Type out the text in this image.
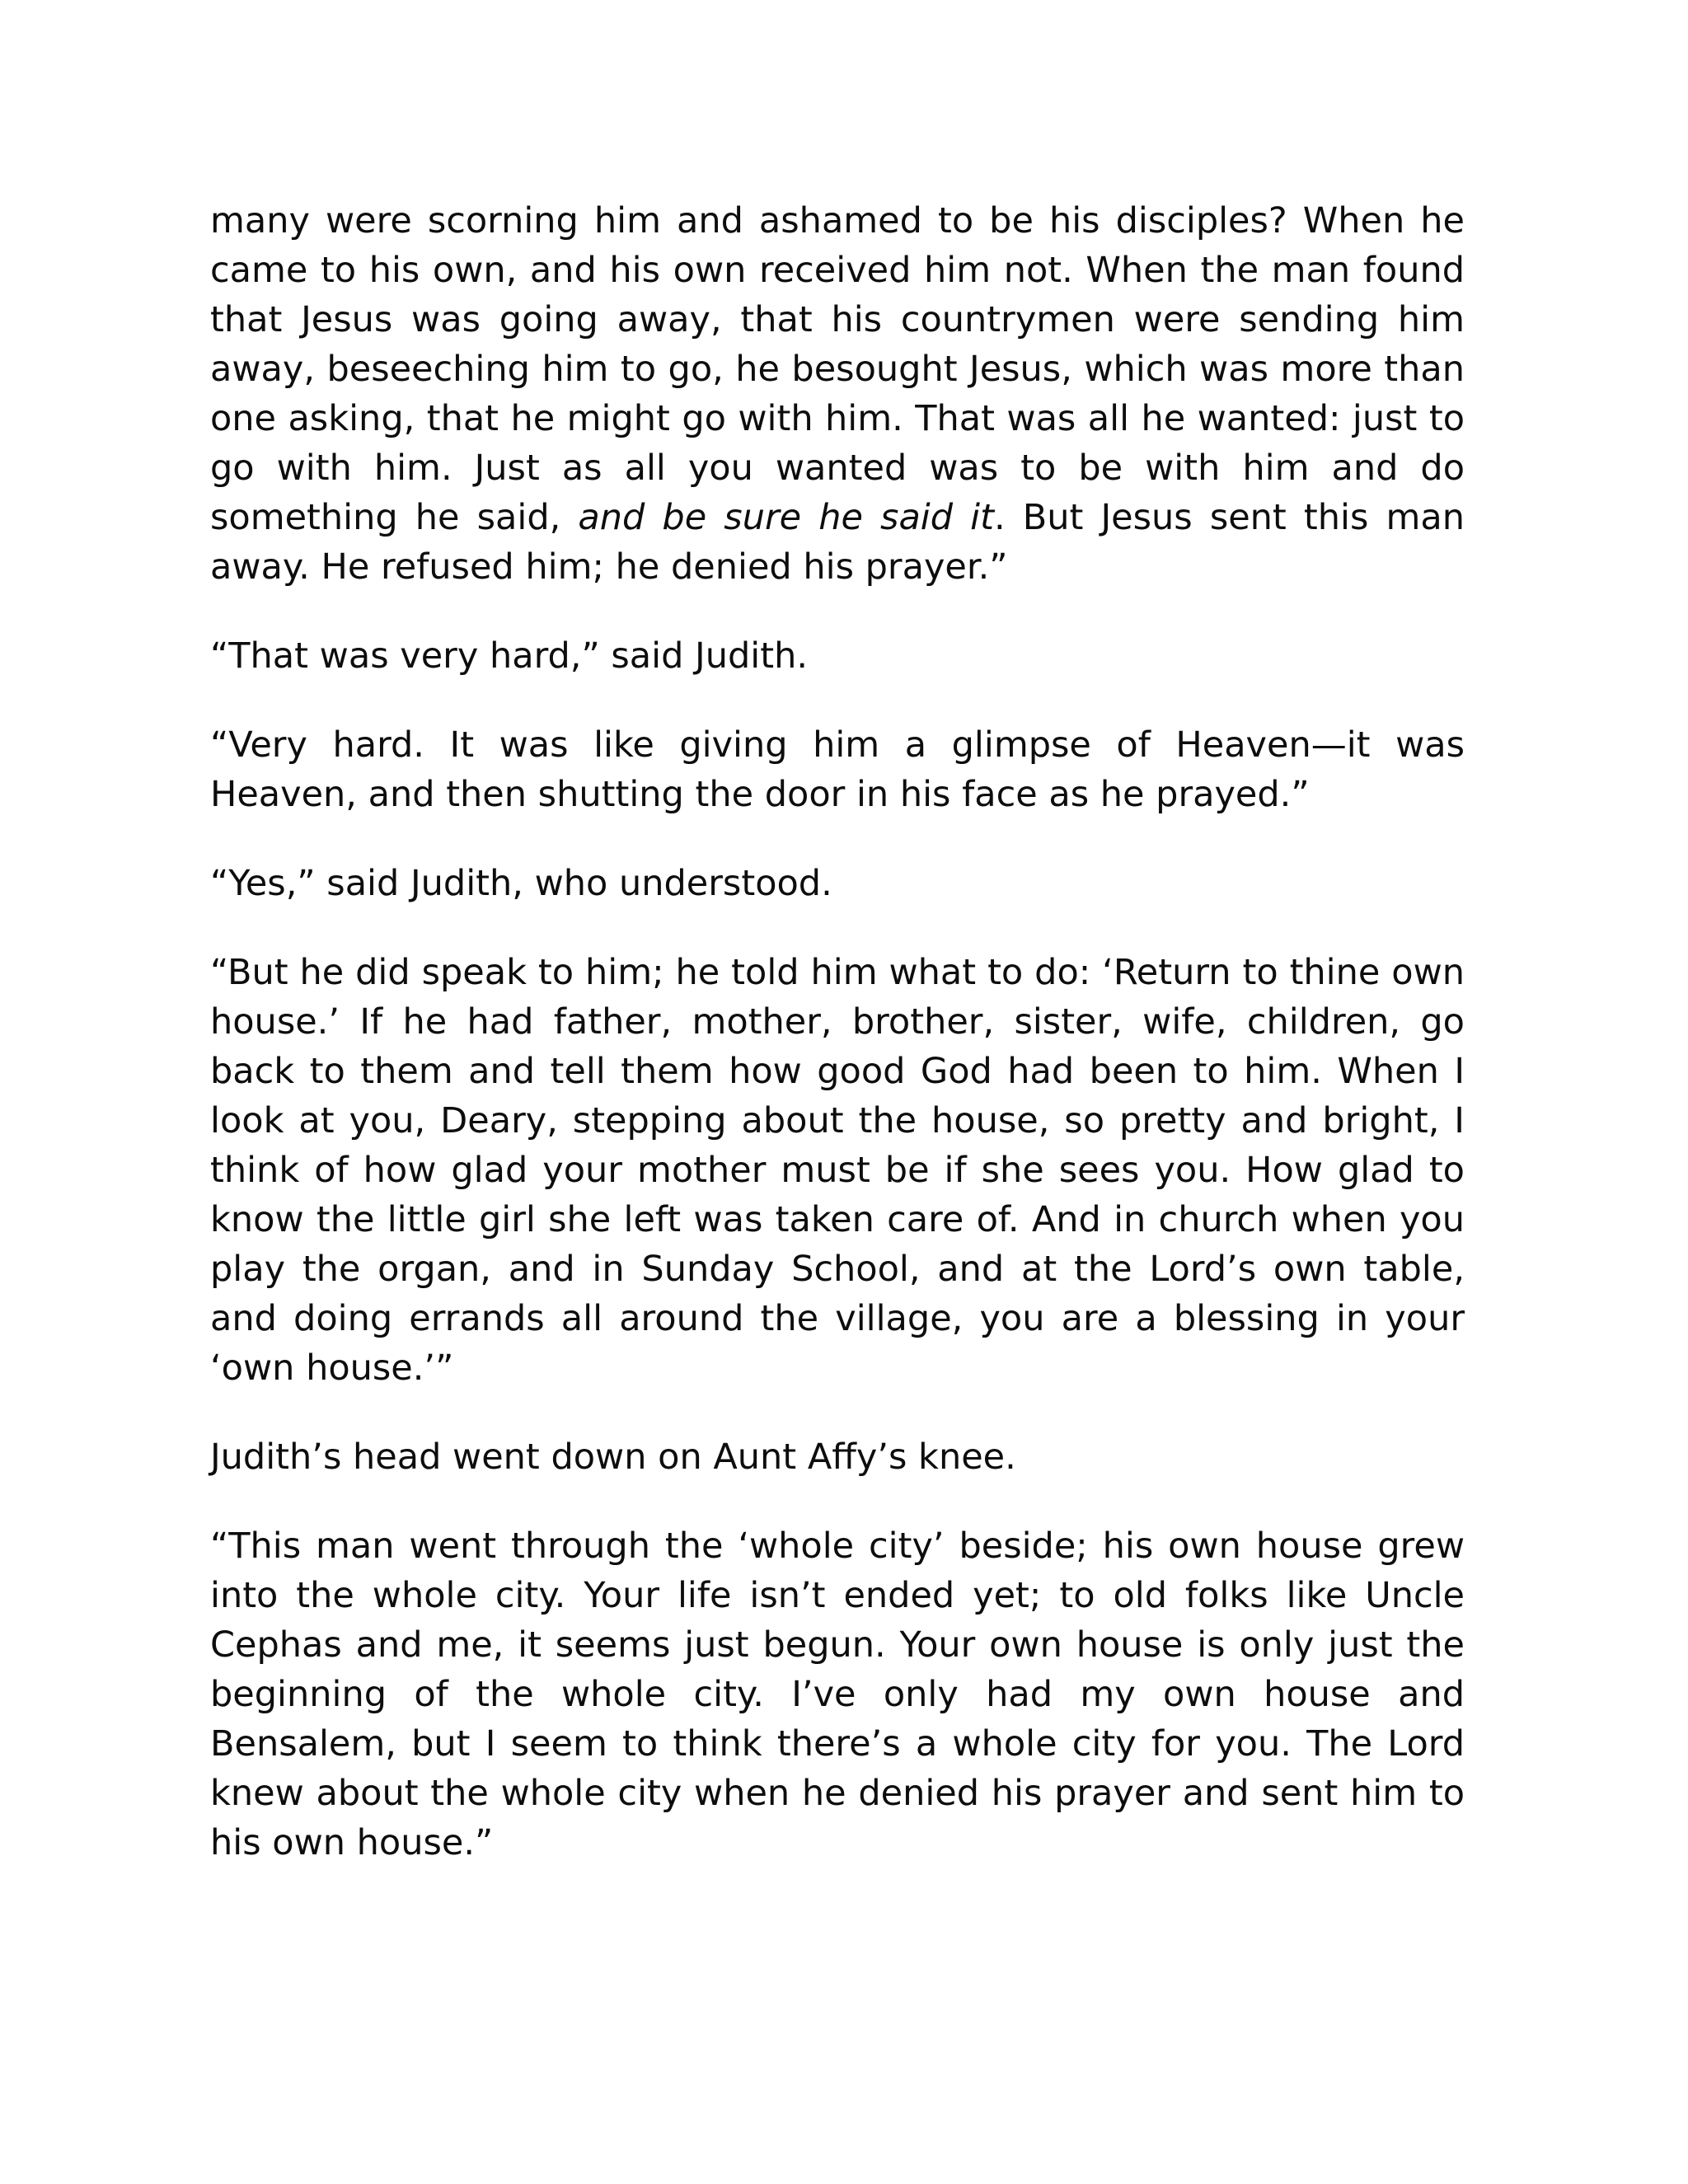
many were scorning him and ashamed to be his disciples? When he came to his own, and his own received him not. When the man found that Jesus was going away, that his countrymen were sending him away, beseeching him to go, he besought Jesus, which was more than one asking, that he might go with him. That was all he wanted: just to go with him. Just as all you wanted was to be with him and do something he said, and be sure he said it. But Jesus sent this man away. He refused him; he denied his prayer.”

“That was very hard,” said Judith.

“Very hard. It was like giving him a glimpse of Heaven—it was Heaven, and then shutting the door in his face as he prayed.”

“Yes,” said Judith, who understood.

“But he did speak to him; he told him what to do: ‘Return to thine own house.’ If he had father, mother, brother, sister, wife, children, go back to them and tell them how good God had been to him. When I look at you, Deary, stepping about the house, so pretty and bright, I think of how glad your mother must be if she sees you. How glad to know the little girl she left was taken care of. And in church when you play the organ, and in Sunday School, and at the Lord’s own table, and doing errands all around the village, you are a blessing in your ‘own house.’”

Judith’s head went down on Aunt Affy’s knee.

“This man went through the ‘whole city’ beside; his own house grew into the whole city. Your life isn’t ended yet; to old folks like Uncle Cephas and me, it seems just begun. Your own house is only just the beginning of the whole city. I’ve only had my own house and Bensalem, but I seem to think there’s a whole city for you. The Lord knew about the whole city when he denied his prayer and sent him to his own house.”
